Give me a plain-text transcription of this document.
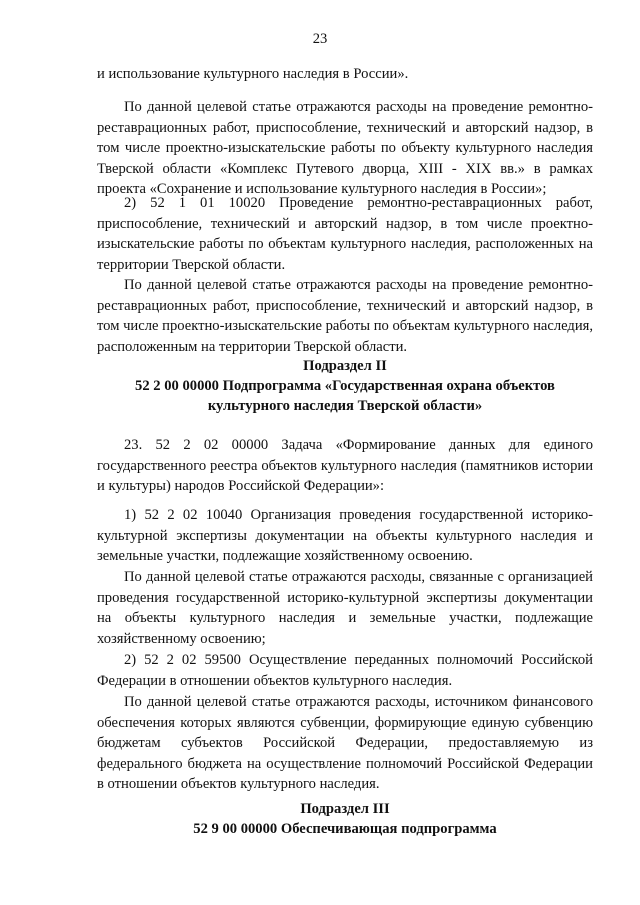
23

и использование культурного наследия в России».

По данной целевой статье отражаются расходы на проведение ремонтно-реставрационных работ, приспособление, технический и авторский надзор, в том числе проектно-изыскательские работы по объекту культурного наследия Тверской области «Комплекс Путевого дворца, XIII - XIX вв.» в рамках проекта «Сохранение и использование культурного наследия в России»;

2) 52 1 01 10020 Проведение ремонтно-реставрационных работ, приспособление, технический и авторский надзор, в том числе проектно-изыскательские работы по объектам культурного наследия, расположенных на территории Тверской области.

По данной целевой статье отражаются расходы на проведение ремонтно-реставрационных работ, приспособление, технический и авторский надзор, в том числе проектно-изыскательские работы по объектам культурного наследия, расположенным на территории Тверской области.

Подраздел II
52 2 00 00000 Подпрограмма «Государственная охрана объектов
культурного наследия Тверской области»

23. 52 2 02 00000 Задача «Формирование данных для единого государственного реестра объектов культурного наследия (памятников истории и культуры) народов Российской Федерации»:

1) 52 2 02 10040 Организация проведения государственной историко-культурной экспертизы документации на объекты культурного наследия и земельные участки, подлежащие хозяйственному освоению.

По данной целевой статье отражаются расходы, связанные с организацией проведения государственной историко-культурной экспертизы документации на объекты культурного наследия и земельные участки, подлежащие хозяйственному освоению;

2) 52 2 02 59500 Осуществление переданных полномочий Российской Федерации в отношении объектов культурного наследия.

По данной целевой статье отражаются расходы, источником финансового обеспечения которых являются субвенции, формирующие единую субвенцию бюджетам субъектов Российской Федерации, предоставляемую из федерального бюджета на осуществление полномочий Российской Федерации в отношении объектов культурного наследия.

Подраздел III
52 9 00 00000 Обеспечивающая подпрограмма
